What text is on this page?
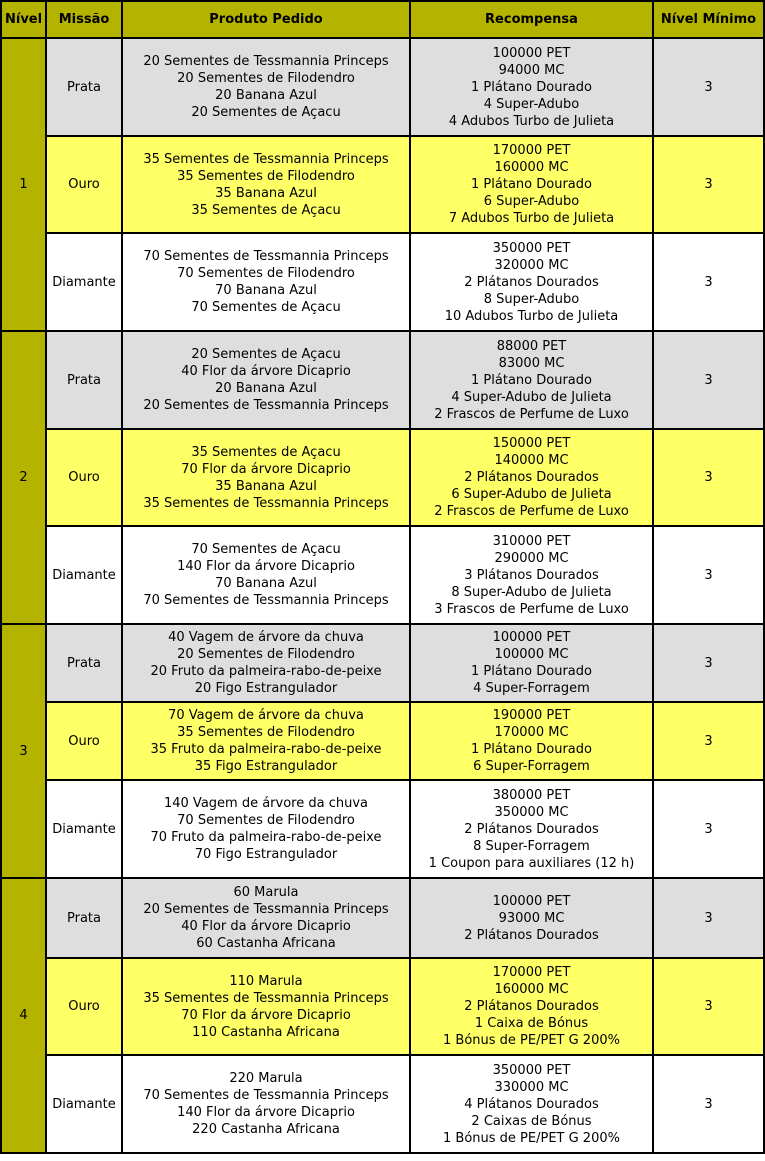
Nível	Missão	Produto Pedido	Recompensa	Nível Mínimo
1	Prata	20 Sementes de Tessmannia Princeps
20 Sementes de Filodendro
20 Banana Azul
20 Sementes de Açacu	100000 PET
94000 MC
1 Plátano Dourado
4 Super-Adubo
4 Adubos Turbo de Julieta	3
	Ouro	35 Sementes de Tessmannia Princeps
35 Sementes de Filodendro
35 Banana Azul
35 Sementes de Açacu	170000 PET
160000 MC
1 Plátano Dourado
6 Super-Adubo
7 Adubos Turbo de Julieta	3
	Diamante	70 Sementes de Tessmannia Princeps
70 Sementes de Filodendro
70 Banana Azul
70 Sementes de Açacu	350000 PET
320000 MC
2 Plátanos Dourados
8 Super-Adubo
10 Adubos Turbo de Julieta	3
2	Prata	20 Sementes de Açacu
40 Flor da árvore Dicaprio
20 Banana Azul
20 Sementes de Tessmannia Princeps	88000 PET
83000 MC
1 Plátano Dourado
4 Super-Adubo de Julieta
2 Frascos de Perfume de Luxo	3
	Ouro	35 Sementes de Açacu
70 Flor da árvore Dicaprio
35 Banana Azul
35 Sementes de Tessmannia Princeps	150000 PET
140000 MC
2 Plátanos Dourados
6 Super-Adubo de Julieta
2 Frascos de Perfume de Luxo	3
	Diamante	70 Sementes de Açacu
140 Flor da árvore Dicaprio
70 Banana Azul
70 Sementes de Tessmannia Princeps	310000 PET
290000 MC
3 Plátanos Dourados
8 Super-Adubo de Julieta
3 Frascos de Perfume de Luxo	3
3	Prata	40 Vagem de árvore da chuva
20 Sementes de Filodendro
20 Fruto da palmeira-rabo-de-peixe
20 Figo Estrangulador	100000 PET
100000 MC
1 Plátano Dourado
4 Super-Forragem	3
	Ouro	70 Vagem de árvore da chuva
35 Sementes de Filodendro
35 Fruto da palmeira-rabo-de-peixe
35 Figo Estrangulador	190000 PET
170000 MC
1 Plátano Dourado
6 Super-Forragem	3
	Diamante	140 Vagem de árvore da chuva
70 Sementes de Filodendro
70 Fruto da palmeira-rabo-de-peixe
70 Figo Estrangulador	380000 PET
350000 MC
2 Plátanos Dourados
8 Super-Forragem
1 Coupon para auxiliares (12 h)	3
4	Prata	60 Marula
20 Sementes de Tessmannia Princeps
40 Flor da árvore Dicaprio
60 Castanha Africana	100000 PET
93000 MC
2 Plátanos Dourados	3
	Ouro	110 Marula
35 Sementes de Tessmannia Princeps
70 Flor da árvore Dicaprio
110 Castanha Africana	170000 PET
160000 MC
2 Plátanos Dourados
1 Caixa de Bónus
1 Bónus de PE/PET G 200%	3
	Diamante	220 Marula
70 Sementes de Tessmannia Princeps
140 Flor da árvore Dicaprio
220 Castanha Africana	350000 PET
330000 MC
4 Plátanos Dourados
2 Caixas de Bónus
1 Bónus de PE/PET G 200%	3
